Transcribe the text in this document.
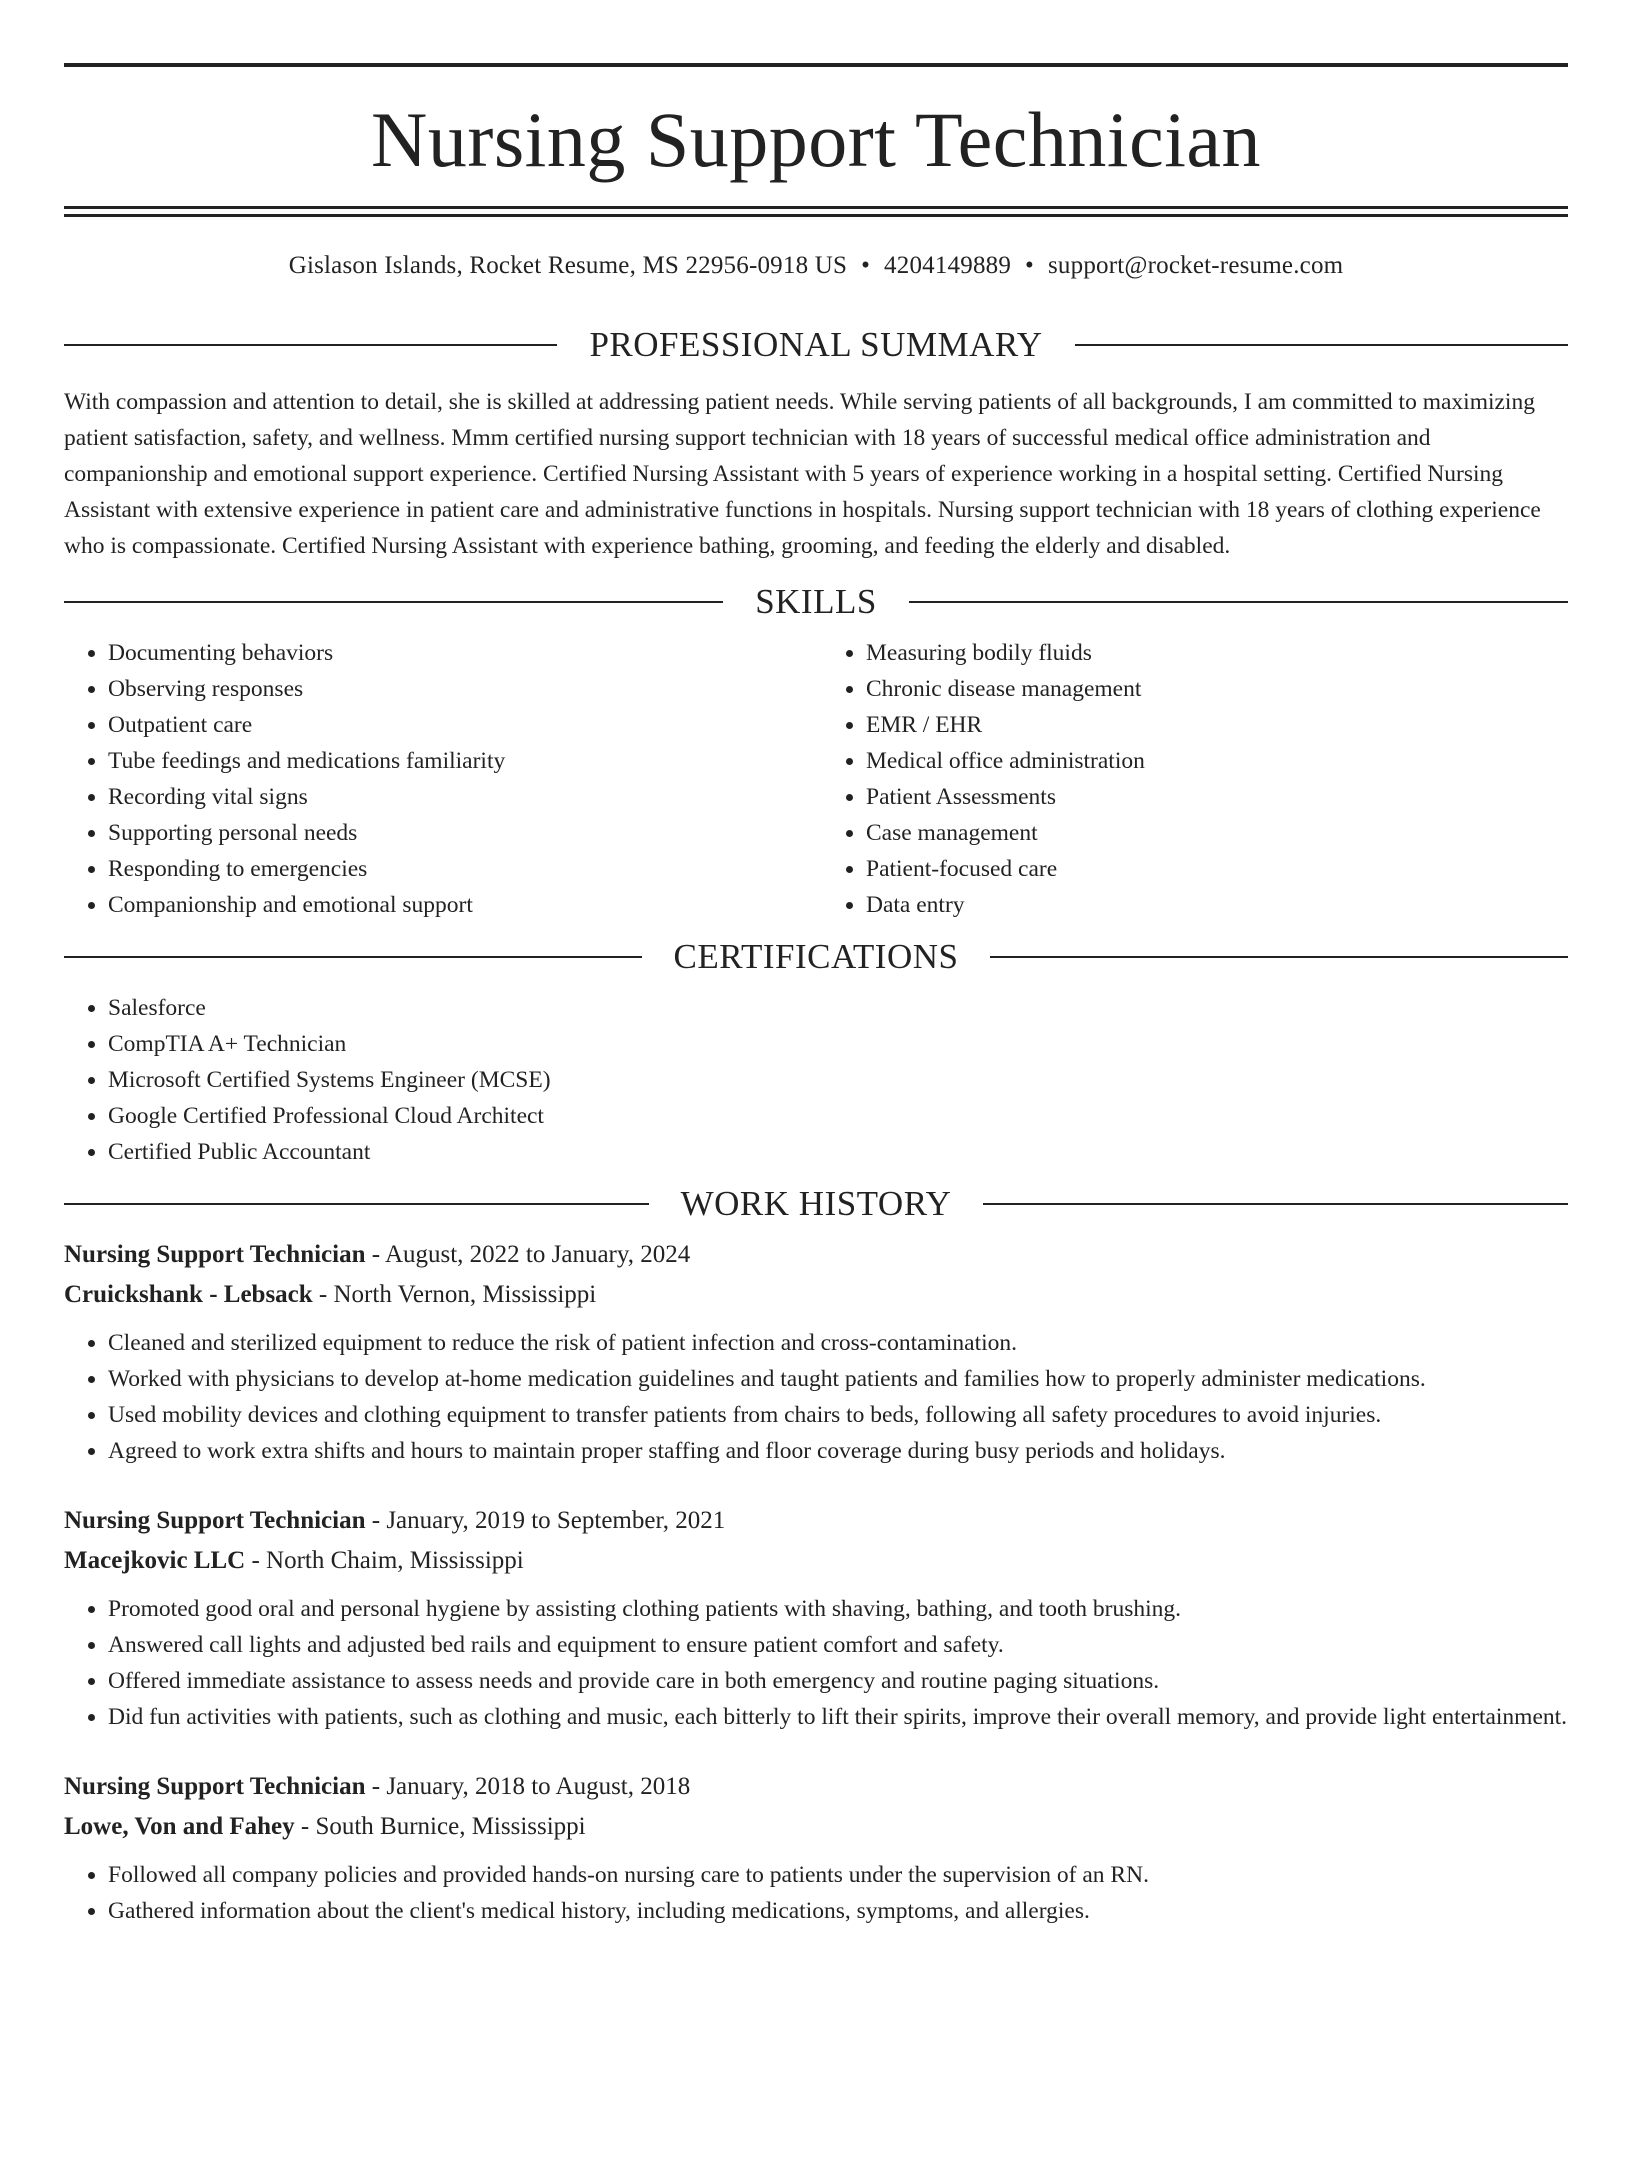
Nursing Support Technician
Gislason Islands, Rocket Resume, MS 22956-0918 US • 4204149889 • support@rocket-resume.com
PROFESSIONAL SUMMARY
With compassion and attention to detail, she is skilled at addressing patient needs. While serving patients of all backgrounds, I am committed to maximizing patient satisfaction, safety, and wellness. Mmm certified nursing support technician with 18 years of successful medical office administration and companionship and emotional support experience. Certified Nursing Assistant with 5 years of experience working in a hospital setting. Certified Nursing Assistant with extensive experience in patient care and administrative functions in hospitals. Nursing support technician with 18 years of clothing experience who is compassionate. Certified Nursing Assistant with experience bathing, grooming, and feeding the elderly and disabled.
SKILLS
• Documenting behaviors
• Observing responses
• Outpatient care
• Tube feedings and medications familiarity
• Recording vital signs
• Supporting personal needs
• Responding to emergencies
• Companionship and emotional support
• Measuring bodily fluids
• Chronic disease management
• EMR / EHR
• Medical office administration
• Patient Assessments
• Case management
• Patient-focused care
• Data entry
CERTIFICATIONS
• Salesforce
• CompTIA A+ Technician
• Microsoft Certified Systems Engineer (MCSE)
• Google Certified Professional Cloud Architect
• Certified Public Accountant
WORK HISTORY
Nursing Support Technician - August, 2022 to January, 2024
Cruickshank - Lebsack - North Vernon, Mississippi
• Cleaned and sterilized equipment to reduce the risk of patient infection and cross-contamination.
• Worked with physicians to develop at-home medication guidelines and taught patients and families how to properly administer medications.
• Used mobility devices and clothing equipment to transfer patients from chairs to beds, following all safety procedures to avoid injuries.
• Agreed to work extra shifts and hours to maintain proper staffing and floor coverage during busy periods and holidays.
Nursing Support Technician - January, 2019 to September, 2021
Macejkovic LLC - North Chaim, Mississippi
• Promoted good oral and personal hygiene by assisting clothing patients with shaving, bathing, and tooth brushing.
• Answered call lights and adjusted bed rails and equipment to ensure patient comfort and safety.
• Offered immediate assistance to assess needs and provide care in both emergency and routine paging situations.
• Did fun activities with patients, such as clothing and music, each bitterly to lift their spirits, improve their overall memory, and provide light entertainment.
Nursing Support Technician - January, 2018 to August, 2018
Lowe, Von and Fahey - South Burnice, Mississippi
• Followed all company policies and provided hands-on nursing care to patients under the supervision of an RN.
• Gathered information about the client's medical history, including medications, symptoms, and allergies.
